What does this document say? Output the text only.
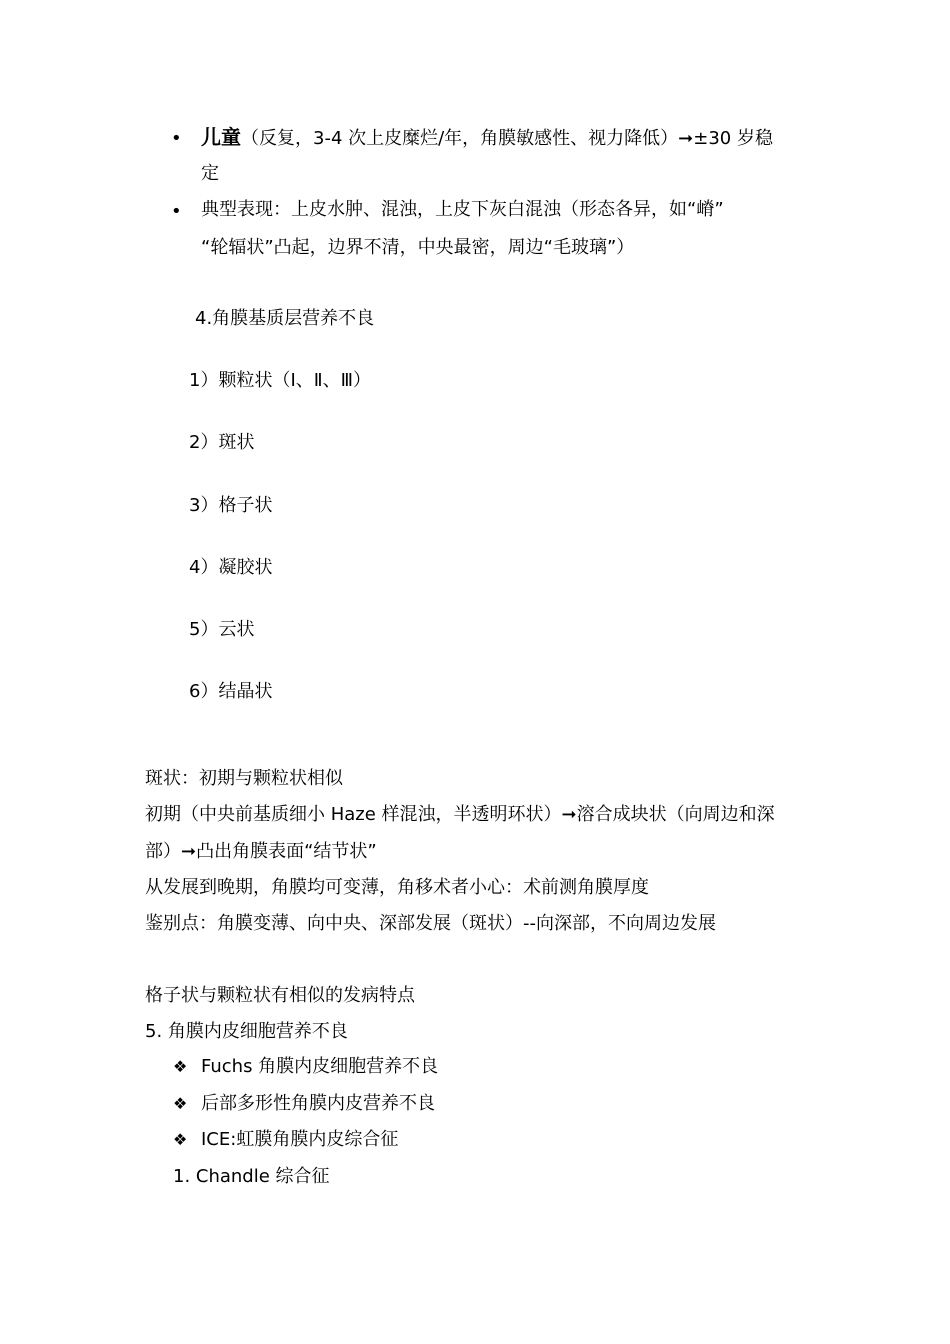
• 儿童（反复，3-4 次上皮糜烂/年，角膜敏感性、视力降低）➞±30 岁稳
定
• 典型表现：上皮水肿、混浊，上皮下灰白混浊（形态各异，如“嵴”
“轮辐状”凸起，边界不清，中央最密，周边“毛玻璃”）
4.角膜基质层营养不良
1）颗粒状（Ⅰ、Ⅱ、Ⅲ）
2）斑状
3）格子状
4）凝胶状
5）云状
6）结晶状
斑状：初期与颗粒状相似
初期（中央前基质细小 Haze 样混浊，半透明环状）➞溶合成块状（向周边和深
部）➞凸出角膜表面“结节状”
从发展到晚期，角膜均可变薄，角移术者小心：术前测角膜厚度
鉴别点：角膜变薄、向中央、深部发展（斑状）--向深部，不向周边发展
格子状与颗粒状有相似的发病特点
5. 角膜内皮细胞营养不良
❖ Fuchs 角膜内皮细胞营养不良
❖ 后部多形性角膜内皮营养不良
❖ ICE:虹膜角膜内皮综合征
1. Chandle 综合征
